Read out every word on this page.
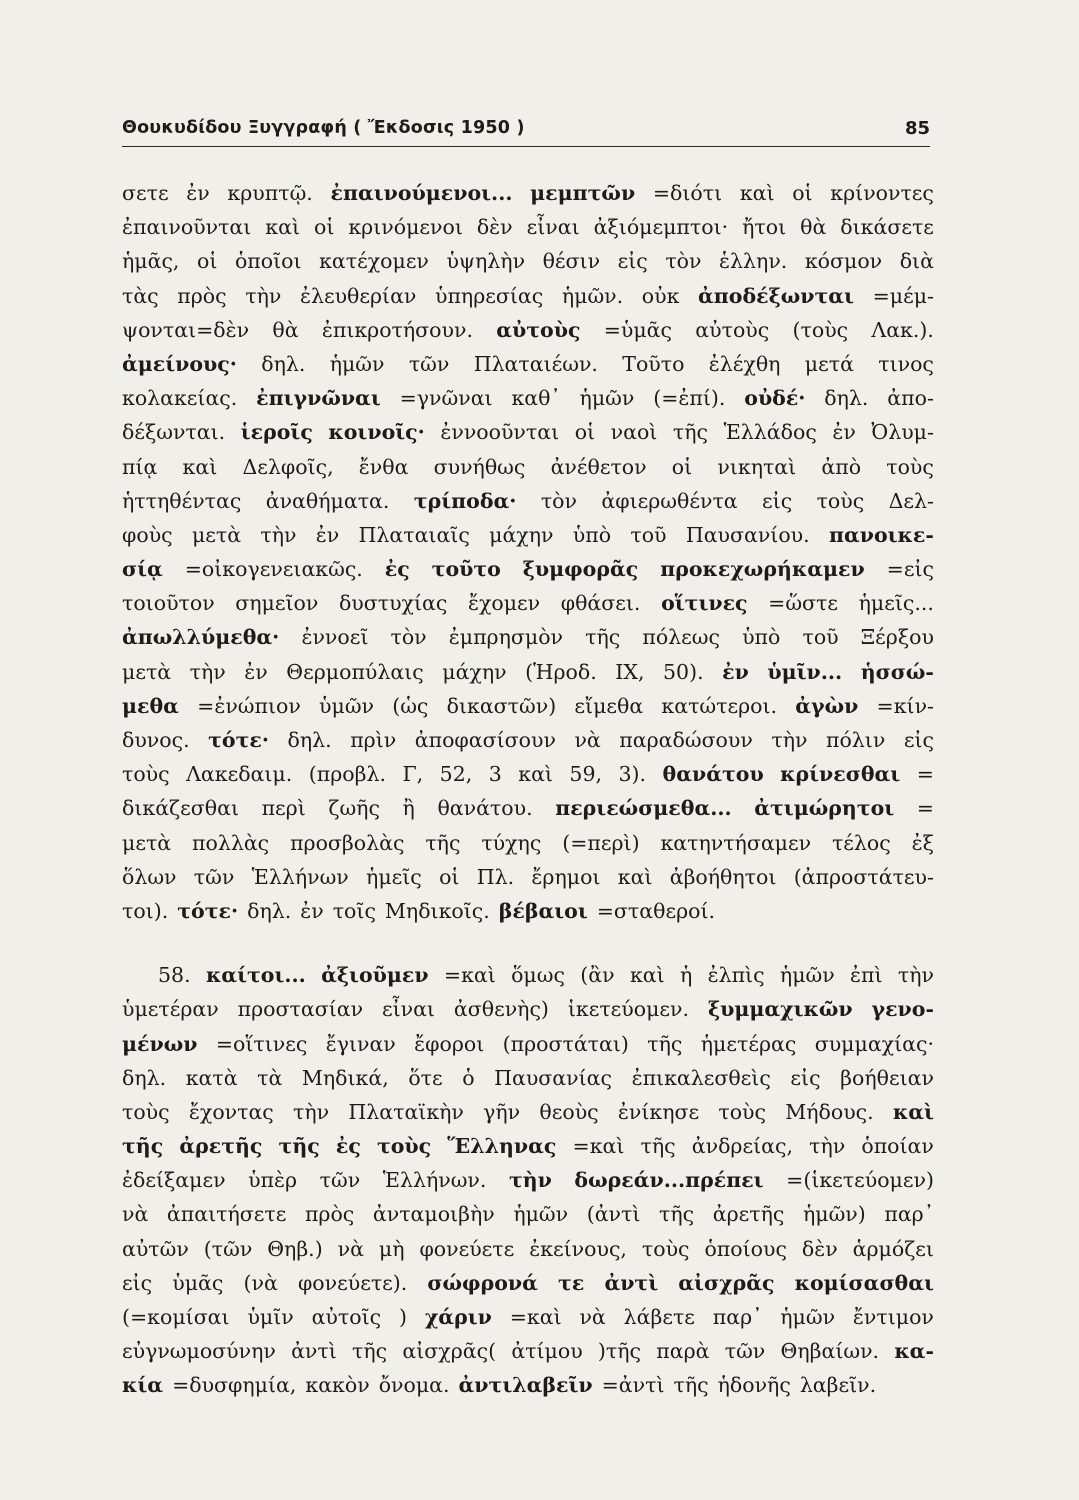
Θουκυδίδου Ξυγγραφή ( Ἔκδοσις 1950 )	85
σετε ἐν κρυπτῷ. ἐπαινούμενοι... μεμπτῶν =διότι καὶ οἱ κρίνοντες
ἐπαινοῦνται καὶ οἱ κρινόμενοι δὲν εἶναι ἀξιόμεμπτοι· ἤτοι θὰ δικάσετε
ἡμᾶς, οἱ ὁποῖοι κατέχομεν ὑψηλὴν θέσιν εἰς τὸν ἑλλην. κόσμον διὰ
τὰς πρὸς τὴν ἐλευθερίαν ὑπηρεσίας ἡμῶν. οὐκ ἀποδέξωνται =μέμ-
ψονται=δὲν θὰ ἐπικροτήσουν. αὐτοὺς =ὑμᾶς αὐτοὺς (τοὺς Λακ.).
ἀμείνους· δηλ. ἡμῶν τῶν Πλαταιέων. Τοῦτο ἐλέχθη μετά τινος
κολακείας. ἐπιγνῶναι =γνῶναι καθ᾽ ἡμῶν (=ἐπί). οὐδέ· δηλ. ἀπο-
δέξωνται. ἱεροῖς κοινοῖς· ἐννοοῦνται οἱ ναοὶ τῆς Ἑλλάδος ἐν Ὀλυμ-
πίᾳ καὶ Δελφοῖς, ἔνθα συνήθως ἀνέθετον οἱ νικηταὶ ἀπὸ τοὺς
ἡττηθέντας ἀναθήματα. τρίποδα· τὸν ἀφιερωθέντα εἰς τοὺς Δελ-
φοὺς μετὰ τὴν ἐν Πλαταιαῖς μάχην ὑπὸ τοῦ Παυσανίου. πανοικε-
σίᾳ =οἰκογενειακῶς. ἐς τοῦτο ξυμφορᾶς προκεχωρήκαμεν =εἰς
τοιοῦτον σημεῖον δυστυχίας ἔχομεν φθάσει. οἵτινες =ὥστε ἡμεῖς...
ἀπωλλύμεθα· ἐννοεῖ τὸν ἐμπρησμὸν τῆς πόλεως ὑπὸ τοῦ Ξέρξου
μετὰ τὴν ἐν Θερμοπύλαις μάχην (Ἡροδ. ΙΧ, 50). ἐν ὑμῖν... ἡσσώ-
μεθα =ἐνώπιον ὑμῶν (ὡς δικαστῶν) εἴμεθα κατώτεροι. ἀγὼν =κίν-
δυνος. τότε· δηλ. πρὶν ἀποφασίσουν νὰ παραδώσουν τὴν πόλιν εἰς
τοὺς Λακεδαιμ. (προβλ. Γ, 52, 3 καὶ 59, 3). θανάτου κρίνεσθαι =
δικάζεσθαι περὶ ζωῆς ἢ θανάτου. περιεώσμεθα... ἀτιμώρητοι =
μετὰ πολλὰς προσβολὰς τῆς τύχης (=περὶ) κατηντήσαμεν τέλος ἐξ
ὅλων τῶν Ἑλλήνων ἡμεῖς οἱ Πλ. ἔρημοι καὶ ἀβοήθητοι (ἀπροστάτευ-
τοι). τότε· δηλ. ἐν τοῖς Μηδικοῖς. βέβαιοι =σταθεροί.
58. καίτοι... ἀξιοῦμεν =καὶ ὅμως (ἂν καὶ ἡ ἐλπὶς ἡμῶν ἐπὶ τὴν
ὑμετέραν προστασίαν εἶναι ἀσθενὴς) ἱκετεύομεν. ξυμμαχικῶν γενο-
μένων =οἵτινες ἔγιναν ἔφοροι (προστάται) τῆς ἡμετέρας συμμαχίας·
δηλ. κατὰ τὰ Μηδικά, ὅτε ὁ Παυσανίας ἐπικαλεσθεὶς εἰς βοήθειαν
τοὺς ἔχοντας τὴν Πλαταϊκὴν γῆν θεοὺς ἐνίκησε τοὺς Μήδους. καὶ
τῆς ἀρετῆς τῆς ἐς τοὺς Ἕλληνας =καὶ τῆς ἀνδρείας, τὴν ὁποίαν
ἐδείξαμεν ὑπὲρ τῶν Ἑλλήνων. τὴν δωρεάν...πρέπει =(ἱκετεύομεν)
νὰ ἀπαιτήσετε πρὸς ἀνταμοιβὴν ἡμῶν (ἀντὶ τῆς ἀρετῆς ἡμῶν) παρ᾽
αὐτῶν (τῶν Θηβ.) νὰ μὴ φονεύετε ἐκείνους, τοὺς ὁποίους δὲν ἁρμόζει
εἰς ὑμᾶς (νὰ φονεύετε). σώφρονά τε ἀντὶ αἰσχρᾶς κομίσασθαι
(=κομίσαι ὑμῖν αὐτοῖς ) χάριν =καὶ νὰ λάβετε παρ᾽ ἡμῶν ἔντιμον
εὐγνωμοσύνην ἀντὶ τῆς αἰσχρᾶς( ἀτίμου )τῆς παρὰ τῶν Θηβαίων. κα-
κία =δυσφημία, κακὸν ὄνομα. ἀντιλαβεῖν =ἀντὶ τῆς ἡδονῆς λαβεῖν.
